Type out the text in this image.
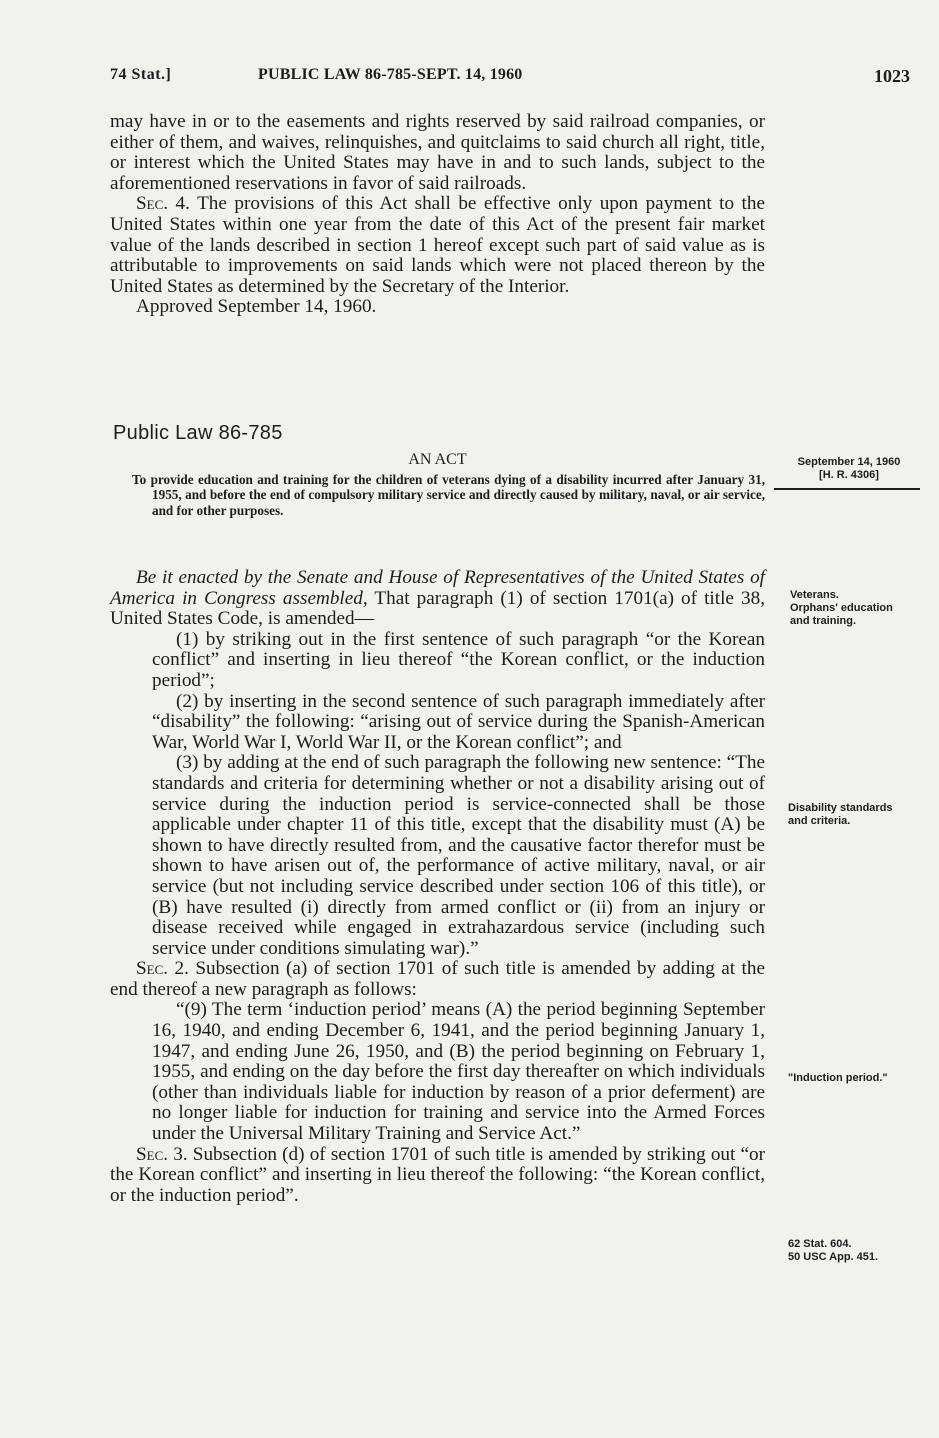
74 Stat.]	PUBLIC LAW 86-785-SEPT. 14, 1960	1023

may have in or to the easements and rights reserved by said railroad companies, or either of them, and waives, relinquishes, and quitclaims to said church all right, title, or interest which the United States may have in and to such lands, subject to the aforementioned reservations in favor of said railroads.

Sec. 4. The provisions of this Act shall be effective only upon payment to the United States within one year from the date of this Act of the present fair market value of the lands described in section 1 hereof except such part of said value as is attributable to improvements on said lands which were not placed thereon by the United States as determined by the Secretary of the Interior.

Approved September 14, 1960.

Public Law 86-785
AN ACT
To provide education and training for the children of veterans dying of a disability incurred after January 31, 1955, and before the end of compulsory military service and directly caused by military, naval, or air service, and for other purposes.

Be it enacted by the Senate and House of Representatives of the United States of America in Congress assembled, That paragraph (1) of section 1701(a) of title 38, United States Code, is amended—

(1) by striking out in the first sentence of such paragraph “or the Korean conflict” and inserting in lieu thereof “the Korean conflict, or the induction period”;

(2) by inserting in the second sentence of such paragraph immediately after “disability” the following: “arising out of service during the Spanish-American War, World War I, World War II, or the Korean conflict”; and

(3) by adding at the end of such paragraph the following new sentence: “The standards and criteria for determining whether or not a disability arising out of service during the induction period is service-connected shall be those applicable under chapter 11 of this title, except that the disability must (A) be shown to have directly resulted from, and the causative factor therefor must be shown to have arisen out of, the performance of active military, naval, or air service (but not including service described under section 106 of this title), or (B) have resulted (i) directly from armed conflict or (ii) from an injury or disease received while engaged in extrahazardous service (including such service under conditions simulating war).”

Sec. 2. Subsection (a) of section 1701 of such title is amended by adding at the end thereof a new paragraph as follows:

“(9) The term ‘induction period’ means (A) the period beginning September 16, 1940, and ending December 6, 1941, and the period beginning January 1, 1947, and ending June 26, 1950, and (B) the period beginning on February 1, 1955, and ending on the day before the first day thereafter on which individuals (other than individuals liable for induction by reason of a prior deferment) are no longer liable for induction for training and service into the Armed Forces under the Universal Military Training and Service Act.”

Sec. 3. Subsection (d) of section 1701 of such title is amended by striking out “or the Korean conflict” and inserting in lieu thereof the following: “the Korean conflict, or the induction period”.

September 14, 1960
[H. R. 4306]
Veterans.
Orphans' education and training.
Disability standards and criteria.
"Induction period."
62 Stat. 604.
50 USC App. 451.
